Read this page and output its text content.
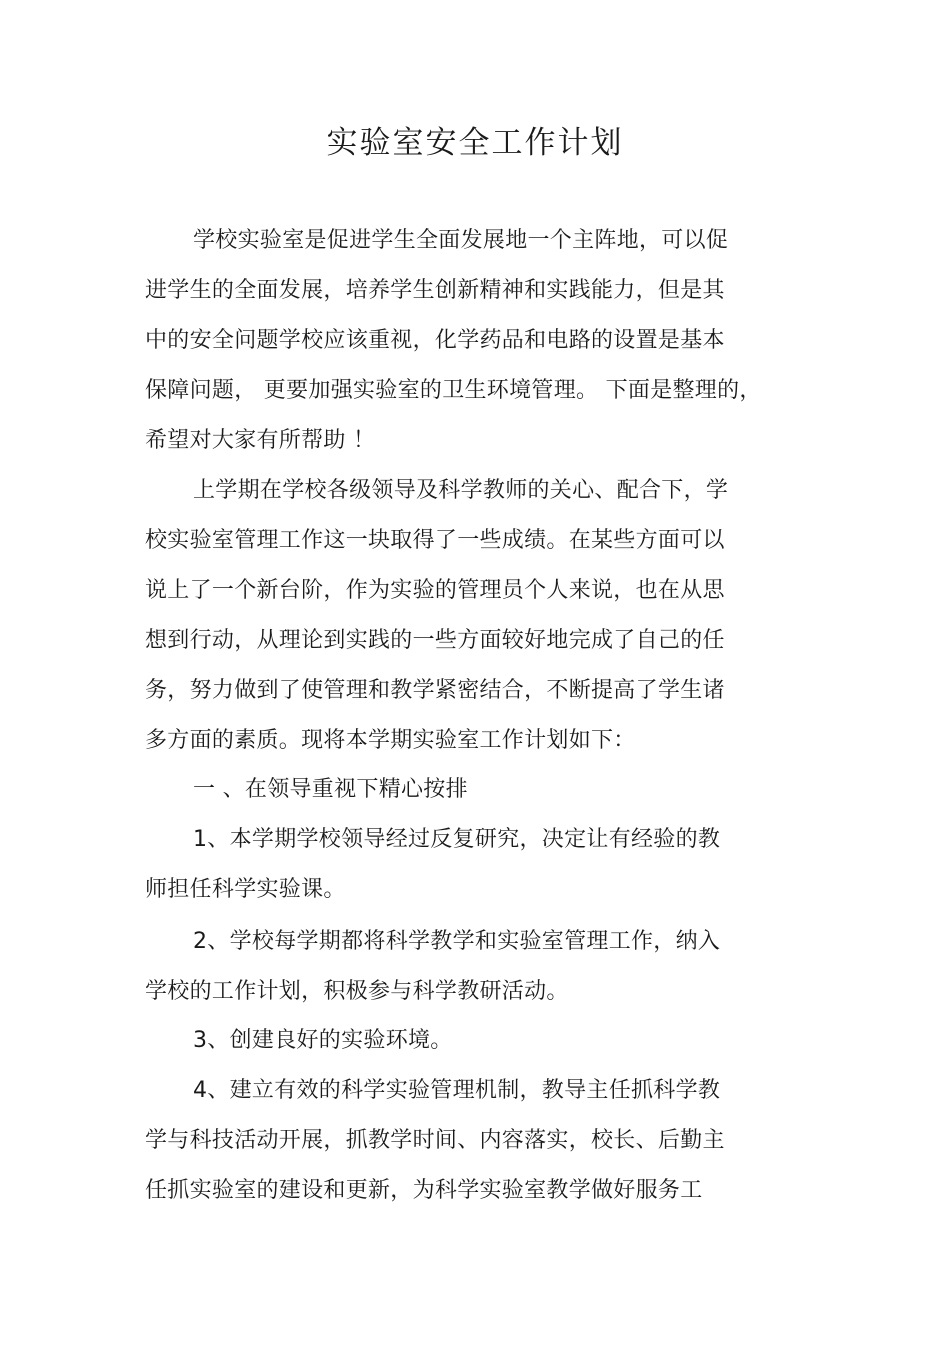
实验室安全工作计划
学校实验室是促进学生全面发展地一个主阵地，可以促
进学生的全面发展，培养学生创新精神和实践能力，但是其
中的安全问题学校应该重视，化学药品和电路的设置是基本
保障问题， 更要加强实验室的卫生环境管理。 下面是整理的，
希望对大家有所帮助 ！
上学期在学校各级领导及科学教师的关心、配合下，学
校实验室管理工作这一块取得了一些成绩。在某些方面可以
说上了一个新台阶，作为实验的管理员个人来说，也在从思
想到行动，从理论到实践的一些方面较好地完成了自己的任
务，努力做到了使管理和教学紧密结合，不断提高了学生诸
多方面的素质。现将本学期实验室工作计划如下：
一 、在领导重视下精心按排
1、本学期学校领导经过反复研究，决定让有经验的教
师担任科学实验课。
2、学校每学期都将科学教学和实验室管理工作，纳入
学校的工作计划，积极参与科学教研活动。
3、创建良好的实验环境。
4、建立有效的科学实验管理机制，教导主任抓科学教
学与科技活动开展，抓教学时间、内容落实，校长、后勤主
任抓实验室的建设和更新，为科学实验室教学做好服务工
